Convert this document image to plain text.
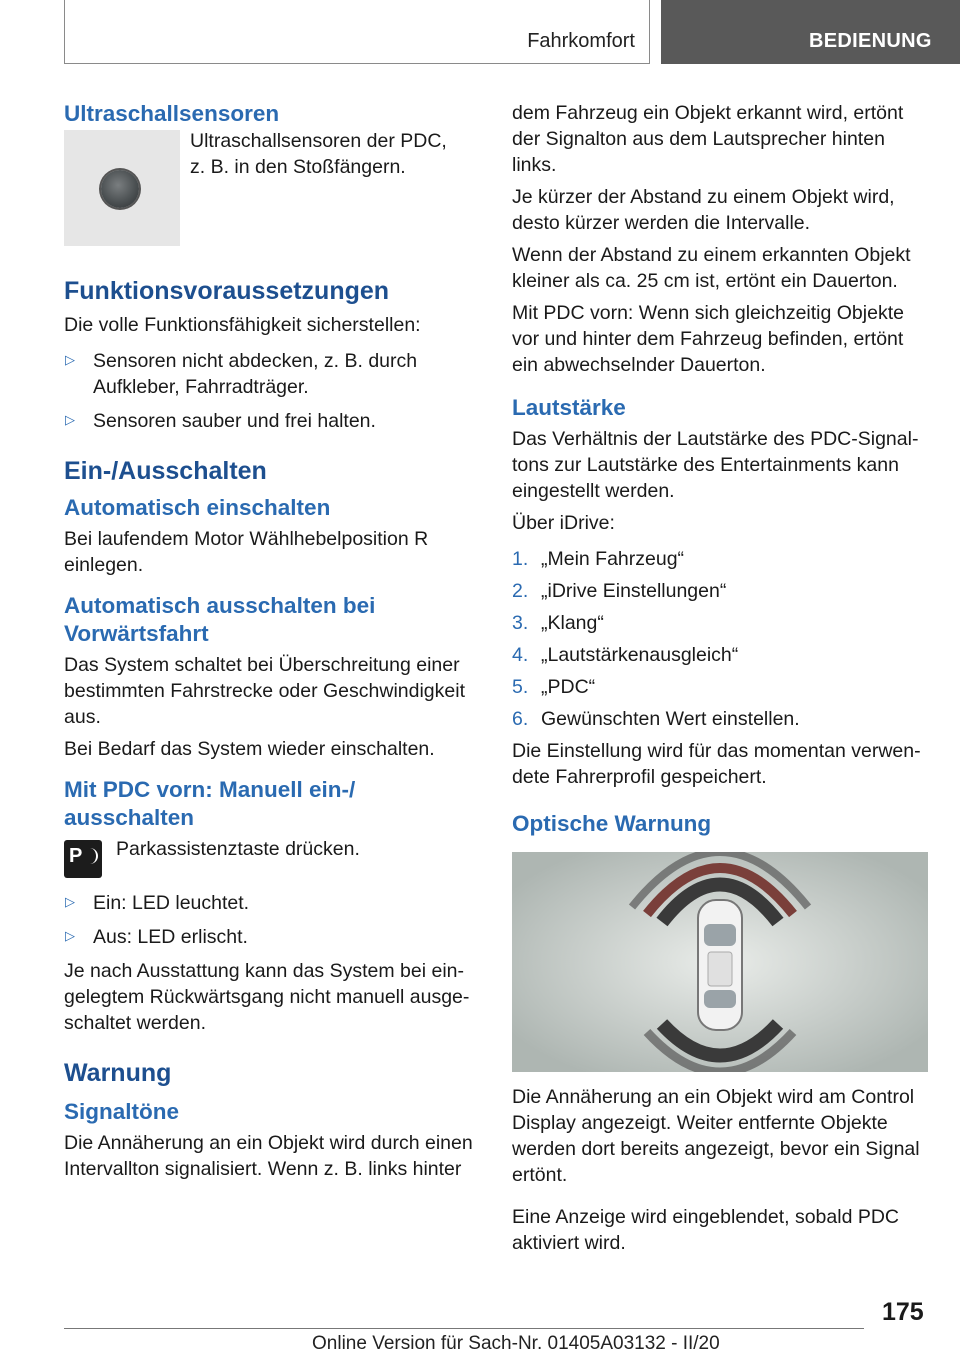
Fahrkomfort	BEDIENUNG
Ultraschallsensoren
Ultraschallsensoren der PDC,
z. B. in den Stoßfängern.
Funktionsvoraussetzungen

Die volle Funktionsfähigkeit sicherstellen:

▷ Sensoren nicht abdecken, z. B. durch Aufkleber, Fahrradträger.
▷ Sensoren sauber und frei halten.
Ein-/Ausschalten
Automatisch einschalten

Bei laufendem Motor Wählhebelposition R einlegen.

Automatisch ausschalten bei Vorwärtsfahrt

Das System schaltet bei Überschreitung einer bestimmten Fahrstrecke oder Geschwindigkeit aus.

Bei Bedarf das System wieder einschalten.

Mit PDC vorn: Manuell ein-/ ausschalten
P Parkassistenztaste drücken.
▷ Ein: LED leuchtet.
▷ Aus: LED erlischt.

Je nach Ausstattung kann das System bei eingelegtem Rückwärtsgang nicht manuell ausgeschaltet werden.

Warnung
Signaltöne

Die Annäherung an ein Objekt wird durch einen Intervallton signalisiert. Wenn z. B. links hinter

dem Fahrzeug ein Objekt erkannt wird, ertönt der Signalton aus dem Lautsprecher hinten links.

Je kürzer der Abstand zu einem Objekt wird, desto kürzer werden die Intervalle.

Wenn der Abstand zu einem erkannten Objekt kleiner als ca. 25 cm ist, ertönt ein Dauerton.

Mit PDC vorn: Wenn sich gleichzeitig Objekte vor und hinter dem Fahrzeug befinden, ertönt ein abwechselnder Dauerton.

Lautstärke

Das Verhältnis der Lautstärke des PDC-Signaltons zur Lautstärke des Entertainments kann eingestellt werden.

Über iDrive:

1. „Mein Fahrzeug“
2. „iDrive Einstellungen“
3. „Klang“
4. „Lautstärkenausgleich“
5. „PDC“
6. Gewünschten Wert einstellen.

Die Einstellung wird für das momentan verwendete Fahrerprofil gespeichert.

Optische Warnung

Die Annäherung an ein Objekt wird am Control Display angezeigt. Weiter entfernte Objekte werden dort bereits angezeigt, bevor ein Signal ertönt.

Eine Anzeige wird eingeblendet, sobald PDC aktiviert wird.

175
Online Version für Sach-Nr. 01405A03132 - II/20
